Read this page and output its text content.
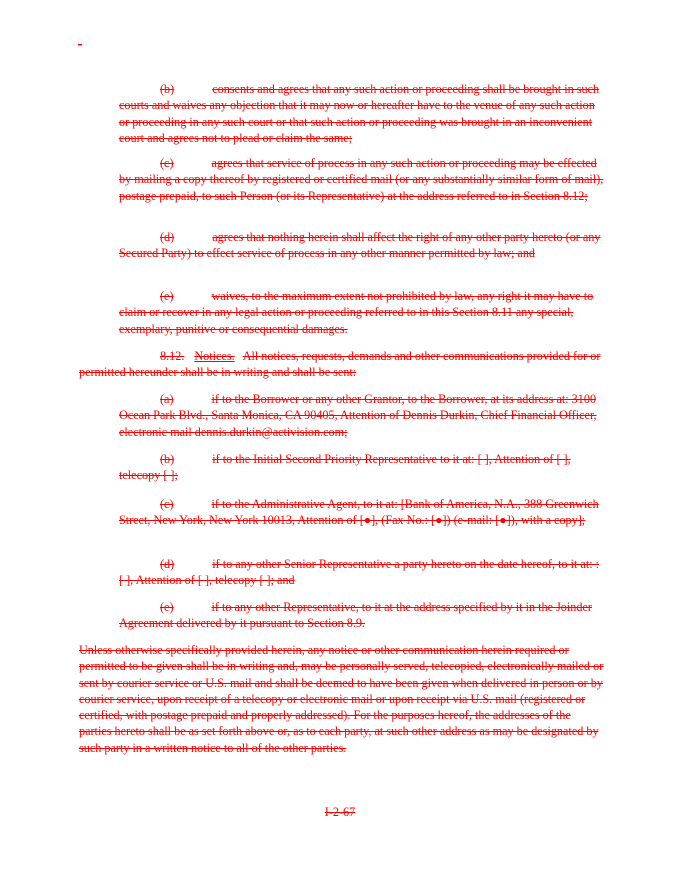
-

(b)	consents and agrees that any such action or proceeding shall be brought in such courts and waives any objection that it may now or hereafter have to the venue of any such action or proceeding in any such court or that such action or proceeding was brought in an inconvenient court and agrees not to plead or claim the same;

(c)	agrees that service of process in any such action or proceeding may be effected by mailing a copy thereof by registered or certified mail (or any substantially similar form of mail), postage prepaid, to such Person (or its Representative) at the address referred to in Section 8.12;

(d)	agrees that nothing herein shall affect the right of any other party hereto (or any Secured Party) to effect service of process in any other manner permitted by law; and

(e)	waives, to the maximum extent not prohibited by law, any right it may have to claim or recover in any legal action or proceeding referred to in this Section 8.11 any special, exemplary, punitive or consequential damages.

8.12. Notices. All notices, requests, demands and other communications provided for or permitted hereunder shall be in writing and shall be sent:

(a)	if to the Borrower or any other Grantor, to the Borrower, at its address at: 3100 Ocean Park Blvd., Santa Monica, CA 90405, Attention of Dennis Durkin, Chief Financial Officer, electronic mail dennis.durkin@activision.com;

(b)	if to the Initial Second Priority Representative to it at: [ ], Attention of [ ], telecopy [ ];

(c)	if to the Administrative Agent, to it at: [Bank of America, N.A., 388 Greenwich Street, New York, New York 10013, Attention of [●], (Fax No.: [●]) (e-mail: [●]), with a copy];

(d)	if to any other Senior Representative a party hereto on the date hereof, to it at: : [ ], Attention of [ ], telecopy [ ]; and

(e)	if to any other Representative, to it at the address specified by it in the Joinder Agreement delivered by it pursuant to Section 8.9.

Unless otherwise specifically provided herein, any notice or other communication herein required or permitted to be given shall be in writing and, may be personally served, telecopied, electronically mailed or sent by courier service or U.S. mail and shall be deemed to have been given when delivered in person or by courier service, upon receipt of a telecopy or electronic mail or upon receipt via U.S. mail (registered or certified, with postage prepaid and properly addressed). For the purposes hereof, the addresses of the parties hereto shall be as set forth above or, as to each party, at such other address as may be designated by such party in a written notice to all of the other parties.

I-2-67
